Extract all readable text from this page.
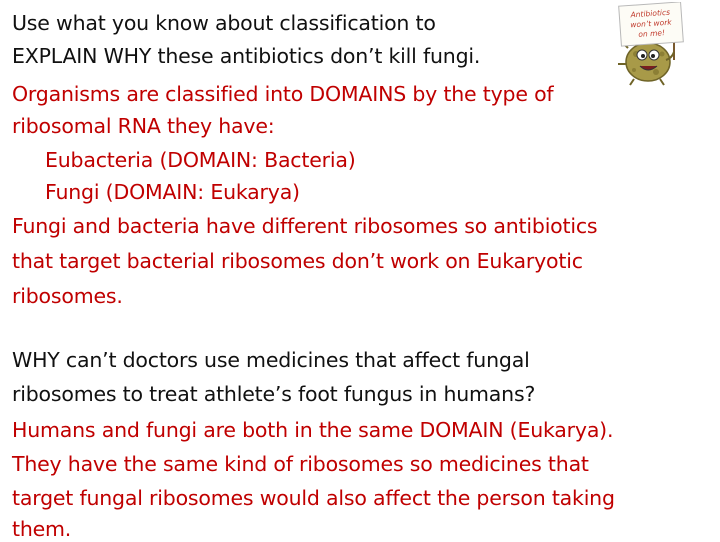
Use what you know about classification to
EXPLAIN WHY these antibiotics don’t kill fungi.
Organisms are classified into DOMAINS by the type of
ribosomal RNA they have:
Eubacteria (DOMAIN: Bacteria)
Fungi (DOMAIN: Eukarya)
Fungi and bacteria have different ribosomes so antibiotics
that target bacterial ribosomes don’t work on Eukaryotic
ribosomes.
WHY can’t doctors use medicines that affect fungal
ribosomes to treat athlete’s foot fungus in humans?
Humans and fungi are both in the same DOMAIN (Eukarya).
They have the same kind of ribosomes so medicines that
target fungal ribosomes would also affect the person taking
them.
Antibiotics
won’t work
on me!
